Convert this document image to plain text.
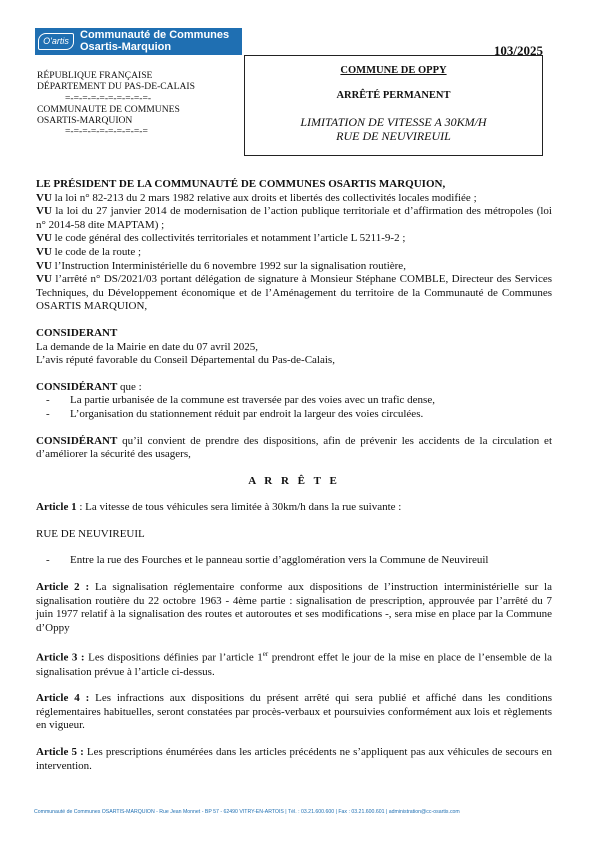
O'artis	Communauté de Communes
Osartis-Marquion	103/2025
RÉPUBLIQUE FRANÇAISE
DÉPARTEMENT DU PAS-DE-CALAIS
=-=-=-=-=-=-=-=-=-=-
COMMUNAUTE DE COMMUNES
OSARTIS-MARQUION
=-=-=-=-=-=-=-=-=-=
COMMUNE DE OPPY
ARRÊTÉ PERMANENT
LIMITATION DE VITESSE A 30KM/H
RUE DE NEUVIREUIL

LE PRÉSIDENT DE LA COMMUNAUTÉ DE COMMUNES OSARTIS MARQUION,

VU la loi n° 82-213 du 2 mars 1982 relative aux droits et libertés des collectivités locales modifiée ;

VU la loi du 27 janvier 2014 de modernisation de l’action publique territoriale et d’affirmation des métropoles (loi n° 2014-58 dite MAPTAM) ;

VU le code général des collectivités territoriales et notamment l’article L 5211-9-2 ;

VU le code de la route ;

VU l’Instruction Interministérielle du 6 novembre 1992 sur la signalisation routière,

VU l’arrêté n° DS/2021/03 portant délégation de signature à Monsieur Stéphane COMBLE, Directeur des Services Techniques, du Développement économique et de l’Aménagement du territoire de la Communauté de Communes OSARTIS MARQUION,

CONSIDERANT

La demande de la Mairie en date du 07 avril 2025,

L’avis réputé favorable du Conseil Départemental du Pas-de-Calais,

CONSIDÉRANT que :

- La partie urbanisée de la commune est traversée par des voies avec un trafic dense,
- L’organisation du stationnement réduit par endroit la largeur des voies circulées.

CONSIDÉRANT qu’il convient de prendre des dispositions, afin de prévenir les accidents de la circulation et d’améliorer la sécurité des usagers,

A R R Ê T E

Article 1 : La vitesse de tous véhicules sera limitée à 30km/h dans la rue suivante :

RUE DE NEUVIREUIL

- Entre la rue des Fourches et le panneau sortie d’agglomération vers la Commune de Neuvireuil

Article 2 : La signalisation réglementaire conforme aux dispositions de l’instruction interministérielle sur la signalisation routière du 22 octobre 1963 - 4ème partie : signalisation de prescription, approuvée par l’arrêté du 7 juin 1977 relatif à la signalisation des routes et autoroutes et ses modifications -, sera mise en place par la Commune d’Oppy

Article 3 : Les dispositions définies par l’article 1er prendront effet le jour de la mise en place de l’ensemble de la signalisation prévue à l’article ci-dessus.

Article 4 : Les infractions aux dispositions du présent arrêté qui sera publié et affiché dans les conditions réglementaires habituelles, seront constatées par procès-verbaux et poursuivies conformément aux lois et règlements en vigueur.

Article 5 : Les prescriptions énumérées dans les articles précédents ne s’appliquent pas aux véhicules de secours en intervention.

Communauté de Communes OSARTIS-MARQUION - Rue Jean Monnet - BP 57 - 62490 VITRY-EN-ARTOIS | Tél. : 03.21.600.600 | Fax : 03.21.600.601 | administration@cc-osartis.com
